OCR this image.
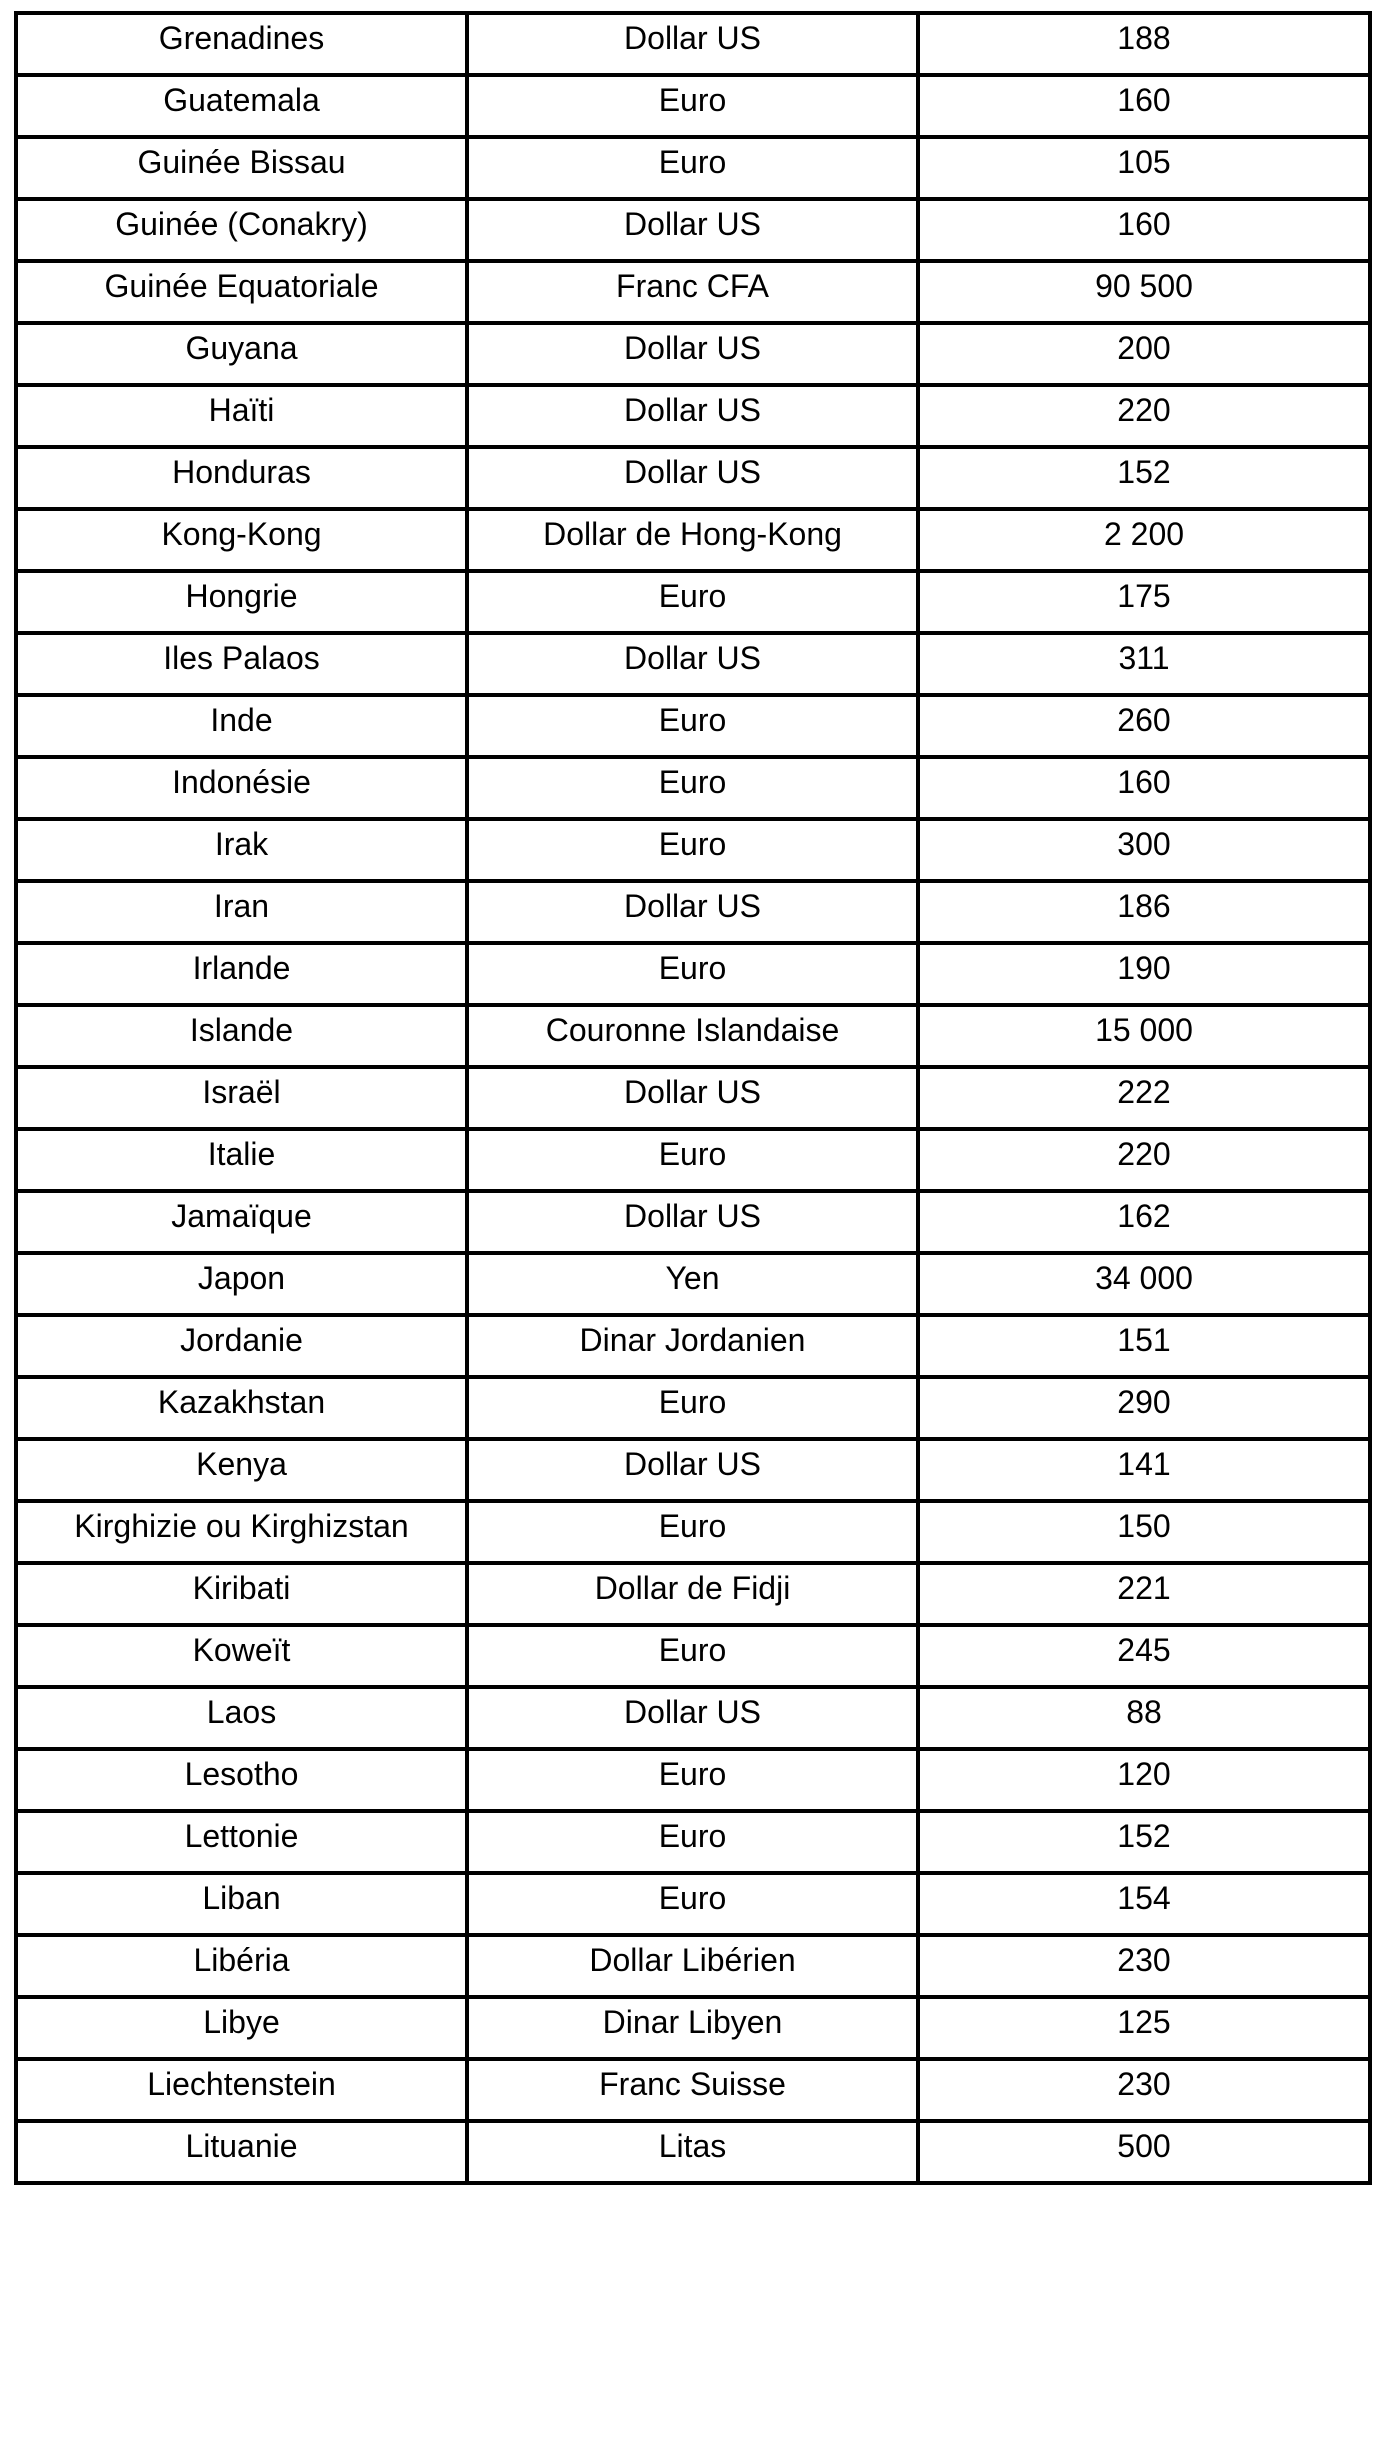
Grenadines	Dollar US	188
Guatemala	Euro	160
Guinée Bissau	Euro	105
Guinée (Conakry)	Dollar US	160
Guinée Equatoriale	Franc CFA	90 500
Guyana	Dollar US	200
Haïti	Dollar US	220
Honduras	Dollar US	152
Kong-Kong	Dollar de Hong-Kong	2 200
Hongrie	Euro	175
Iles Palaos	Dollar US	311
Inde	Euro	260
Indonésie	Euro	160
Irak	Euro	300
Iran	Dollar US	186
Irlande	Euro	190
Islande	Couronne Islandaise	15 000
Israël	Dollar US	222
Italie	Euro	220
Jamaïque	Dollar US	162
Japon	Yen	34 000
Jordanie	Dinar Jordanien	151
Kazakhstan	Euro	290
Kenya	Dollar US	141
Kirghizie ou Kirghizstan	Euro	150
Kiribati	Dollar de Fidji	221
Koweït	Euro	245
Laos	Dollar US	88
Lesotho	Euro	120
Lettonie	Euro	152
Liban	Euro	154
Libéria	Dollar Libérien	230
Libye	Dinar Libyen	125
Liechtenstein	Franc Suisse	230
Lituanie	Litas	500
